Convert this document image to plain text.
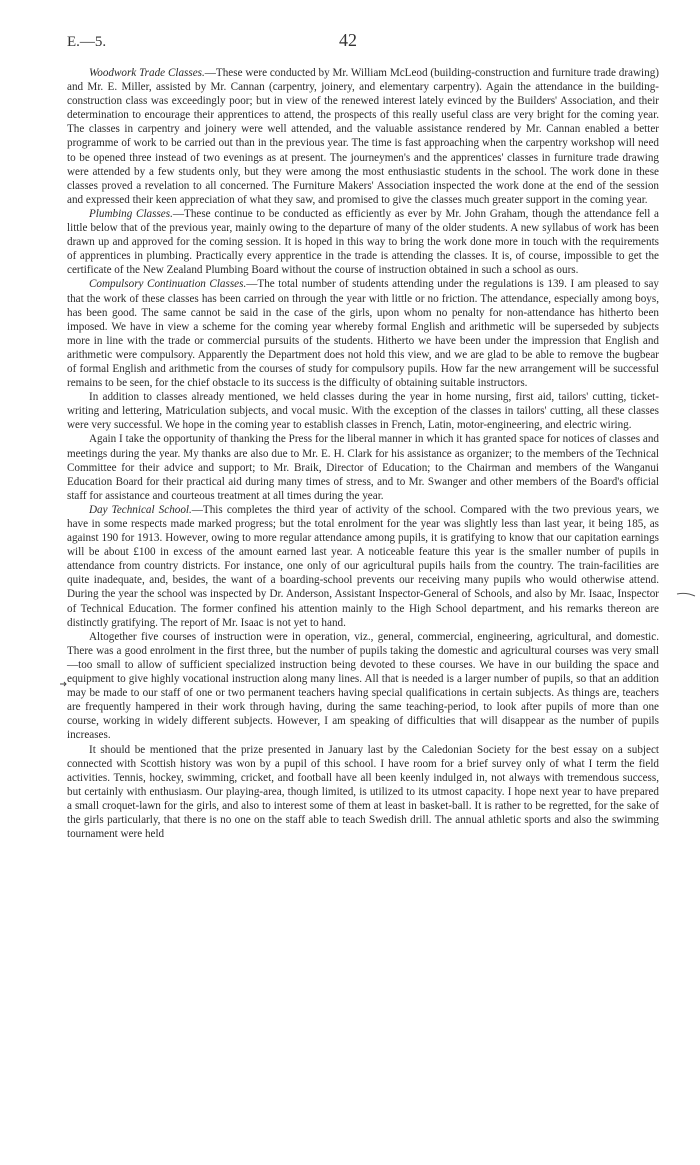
E.—5.	42

Woodwork Trade Classes.—These were conducted by Mr. William McLeod (building-construction and furniture trade drawing) and Mr. E. Miller, assisted by Mr. Cannan (carpentry, joinery, and elementary carpentry). Again the attendance in the building-construction class was exceedingly poor; but in view of the renewed interest lately evinced by the Builders' Association, and their determination to encourage their apprentices to attend, the prospects of this really useful class are very bright for the coming year. The classes in carpentry and joinery were well attended, and the valuable assistance rendered by Mr. Cannan enabled a better programme of work to be carried out than in the previous year. The time is fast approaching when the carpentry workshop will need to be opened three instead of two evenings as at present. The journeymen's and the apprentices' classes in furniture trade drawing were attended by a few students only, but they were among the most enthusiastic students in the school. The work done in these classes proved a revelation to all concerned. The Furniture Makers' Association inspected the work done at the end of the session and expressed their keen appreciation of what they saw, and promised to give the classes much greater support in the coming year.

Plumbing Classes.—These continue to be conducted as efficiently as ever by Mr. John Graham, though the attendance fell a little below that of the previous year, mainly owing to the departure of many of the older students. A new syllabus of work has been drawn up and approved for the coming session. It is hoped in this way to bring the work done more in touch with the requirements of apprentices in plumbing. Practically every apprentice in the trade is attending the classes. It is, of course, impossible to get the certificate of the New Zealand Plumbing Board without the course of instruction obtained in such a school as ours.

Compulsory Continuation Classes.—The total number of students attending under the regulations is 139. I am pleased to say that the work of these classes has been carried on through the year with little or no friction. The attendance, especially among boys, has been good. The same cannot be said in the case of the girls, upon whom no penalty for non-attendance has hitherto been imposed. We have in view a scheme for the coming year whereby formal English and arithmetic will be superseded by subjects more in line with the trade or commercial pursuits of the students. Hitherto we have been under the impression that English and arithmetic were compulsory. Apparently the Department does not hold this view, and we are glad to be able to remove the bugbear of formal English and arithmetic from the courses of study for compulsory pupils. How far the new arrangement will be successful remains to be seen, for the chief obstacle to its success is the difficulty of obtaining suitable instructors.

In addition to classes already mentioned, we held classes during the year in home nursing, first aid, tailors' cutting, ticket-writing and lettering, Matriculation subjects, and vocal music. With the exception of the classes in tailors' cutting, all these classes were very successful. We hope in the coming year to establish classes in French, Latin, motor-engineering, and electric wiring.

Again I take the opportunity of thanking the Press for the liberal manner in which it has granted space for notices of classes and meetings during the year. My thanks are also due to Mr. E. H. Clark for his assistance as organizer; to the members of the Technical Committee for their advice and support; to Mr. Braik, Director of Education; to the Chairman and members of the Wanganui Education Board for their practical aid during many times of stress, and to Mr. Swanger and other members of the Board's official staff for assistance and courteous treatment at all times during the year.

Day Technical School.—This completes the third year of activity of the school. Compared with the two previous years, we have in some respects made marked progress; but the total enrolment for the year was slightly less than last year, it being 185, as against 190 for 1913. However, owing to more regular attendance among pupils, it is gratifying to know that our capitation earnings will be about £100 in excess of the amount earned last year. A noticeable feature this year is the smaller number of pupils in attendance from country districts. For instance, one only of our agricultural pupils hails from the country. The train-facilities are quite inadequate, and, besides, the want of a boarding-school prevents our receiving many pupils who would otherwise attend. During the year the school was inspected by Dr. Anderson, Assistant Inspector-General of Schools, and also by Mr. Isaac, Inspector of Technical Education. The former confined his attention mainly to the High School department, and his remarks thereon are distinctly gratifying. The report of Mr. Isaac is not yet to hand.

Altogether five courses of instruction were in operation, viz., general, commercial, engineering, agricultural, and domestic. There was a good enrolment in the first three, but the number of pupils taking the domestic and agricultural courses was very small—too small to allow of sufficient specialized instruction being devoted to these courses. We have in our building the space and equipment to give highly vocational instruction along many lines. All that is needed is a larger number of pupils, so that an addition may be made to our staff of one or two permanent teachers having special qualifications in certain subjects. As things are, teachers are frequently hampered in their work through having, during the same teaching-period, to look after pupils of more than one course, working in widely different subjects. However, I am speaking of difficulties that will disappear as the number of pupils increases.

It should be mentioned that the prize presented in January last by the Caledonian Society for the best essay on a subject connected with Scottish history was won by a pupil of this school. I have room for a brief survey only of what I term the field activities. Tennis, hockey, swimming, cricket, and football have all been keenly indulged in, not always with tremendous success, but certainly with enthusiasm. Our playing-area, though limited, is utilized to its utmost capacity. I hope next year to have prepared a small croquet-lawn for the girls, and also to interest some of them at least in basket-ball. It is rather to be regretted, for the sake of the girls particularly, that there is no one on the staff able to teach Swedish drill. The annual athletic sports and also the swimming tournament were held
